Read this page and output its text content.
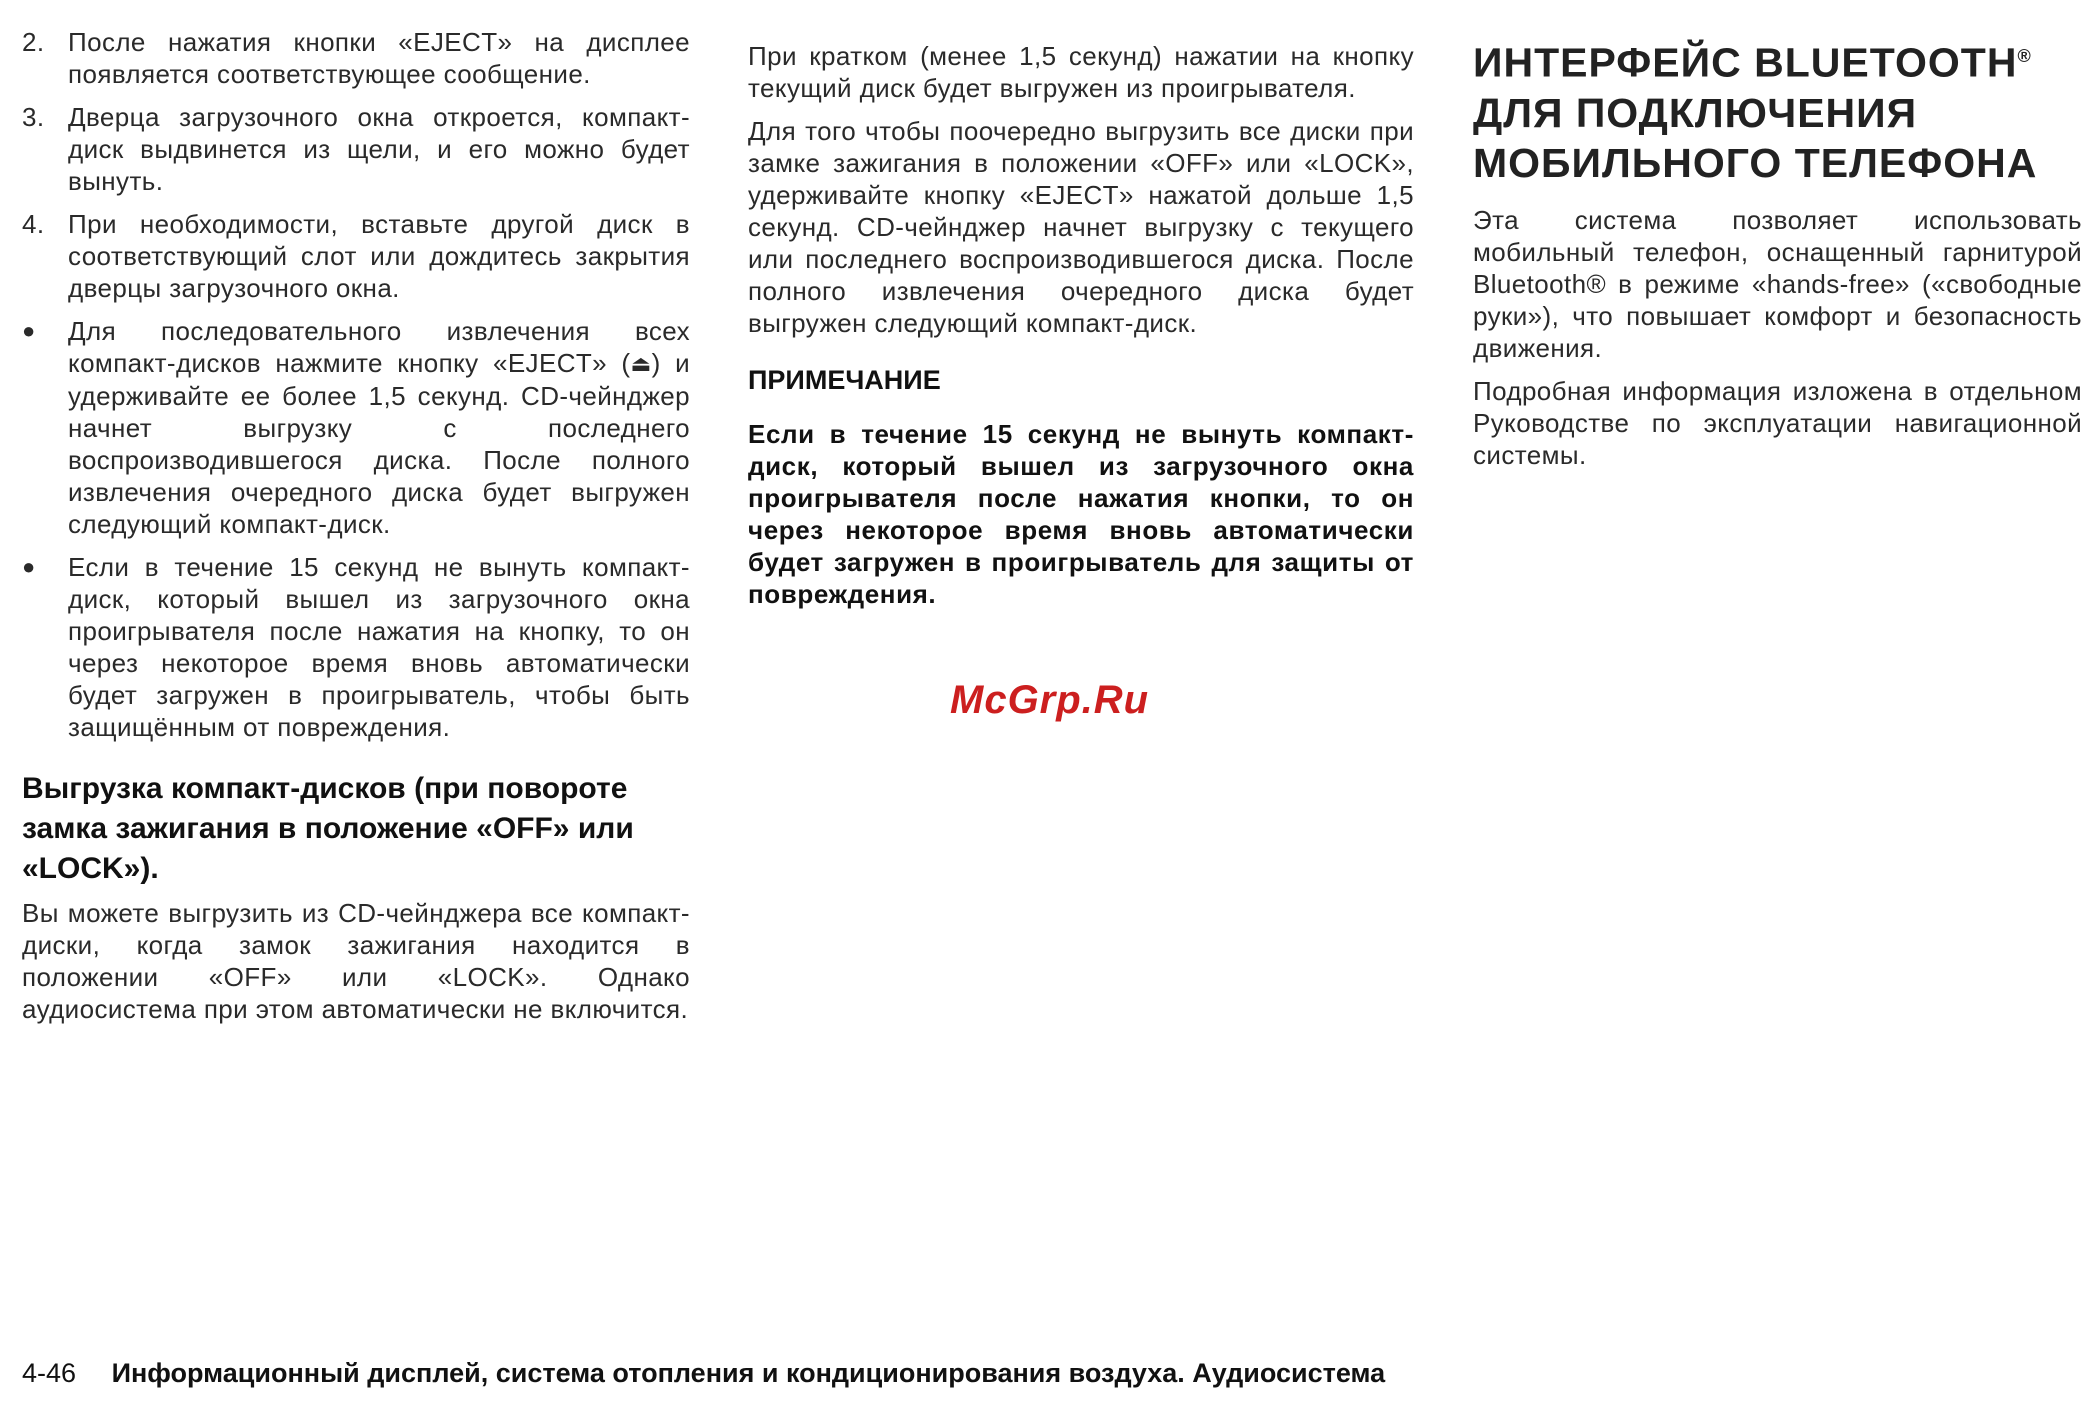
2. После нажатия кнопки «EJECT» на дисплее появляется соответствующее сообщение.

3. Дверца загрузочного окна откроется, компакт-диск выдвинется из щели, и его можно будет вынуть.

4. При необходимости, вставьте другой диск в соответствующий слот или дождитесь закрытия дверцы загрузочного окна.

●	Для последовательного извлечения всех компакт-дисков нажмите кнопку «EJECT» (⏏) и удерживайте ее более 1,5 секунд. CD-чейнджер начнет выгрузку с последнего воспроизводившегося диска. После полного извлечения очередного диска будет выгружен следующий компакт-диск.

●	Если в течение 15 секунд не вынуть компакт-диск, который вышел из загрузочного окна проигрывателя после нажатия на кнопку, то он через некоторое время вновь автоматически будет загружен в проигрыватель, чтобы быть защищённым от повреждения.

Выгрузка компакт-дисков (при повороте замка зажигания в положение «OFF» или «LOCK»).

Вы можете выгрузить из CD-чейнджера все компакт-диски, когда замок зажигания находится в положении «OFF» или «LOCK». Однако аудиосистема при этом автоматически не включится.

При кратком (менее 1,5 секунд) нажатии на кнопку текущий диск будет выгружен из проигрывателя.

Для того чтобы поочередно выгрузить все диски при замке зажигания в положении «OFF» или «LOCK», удерживайте кнопку «EJECT» нажатой дольше 1,5 секунд. CD-чейнджер начнет выгрузку с текущего или последнего воспроизводившегося диска. После полного извлечения очередного диска будет выгружен следующий компакт-диск.

ПРИМЕЧАНИЕ

Если в течение 15 секунд не вынуть компакт-диск, который вышел из загрузочного окна проигрывателя после нажатия кнопки, то он через некоторое время вновь автоматически будет загружен в проигрыватель для защиты от повреждения.

ИНТЕРФЕЙС BLUETOOTH® ДЛЯ ПОДКЛЮЧЕНИЯ МОБИЛЬНОГО ТЕЛЕФОНА

Эта система позволяет использовать мобильный телефон, оснащенный гарнитурой Bluetooth® в режиме «hands-free» («свободные руки»), что повышает комфорт и безопасность движения.

Подробная информация изложена в отдельном Руководстве по эксплуатации навигационной системы.

McGrp.Ru
4-46 Информационный дисплей, система отопления и кондиционирования воздуха. Аудиосистема
